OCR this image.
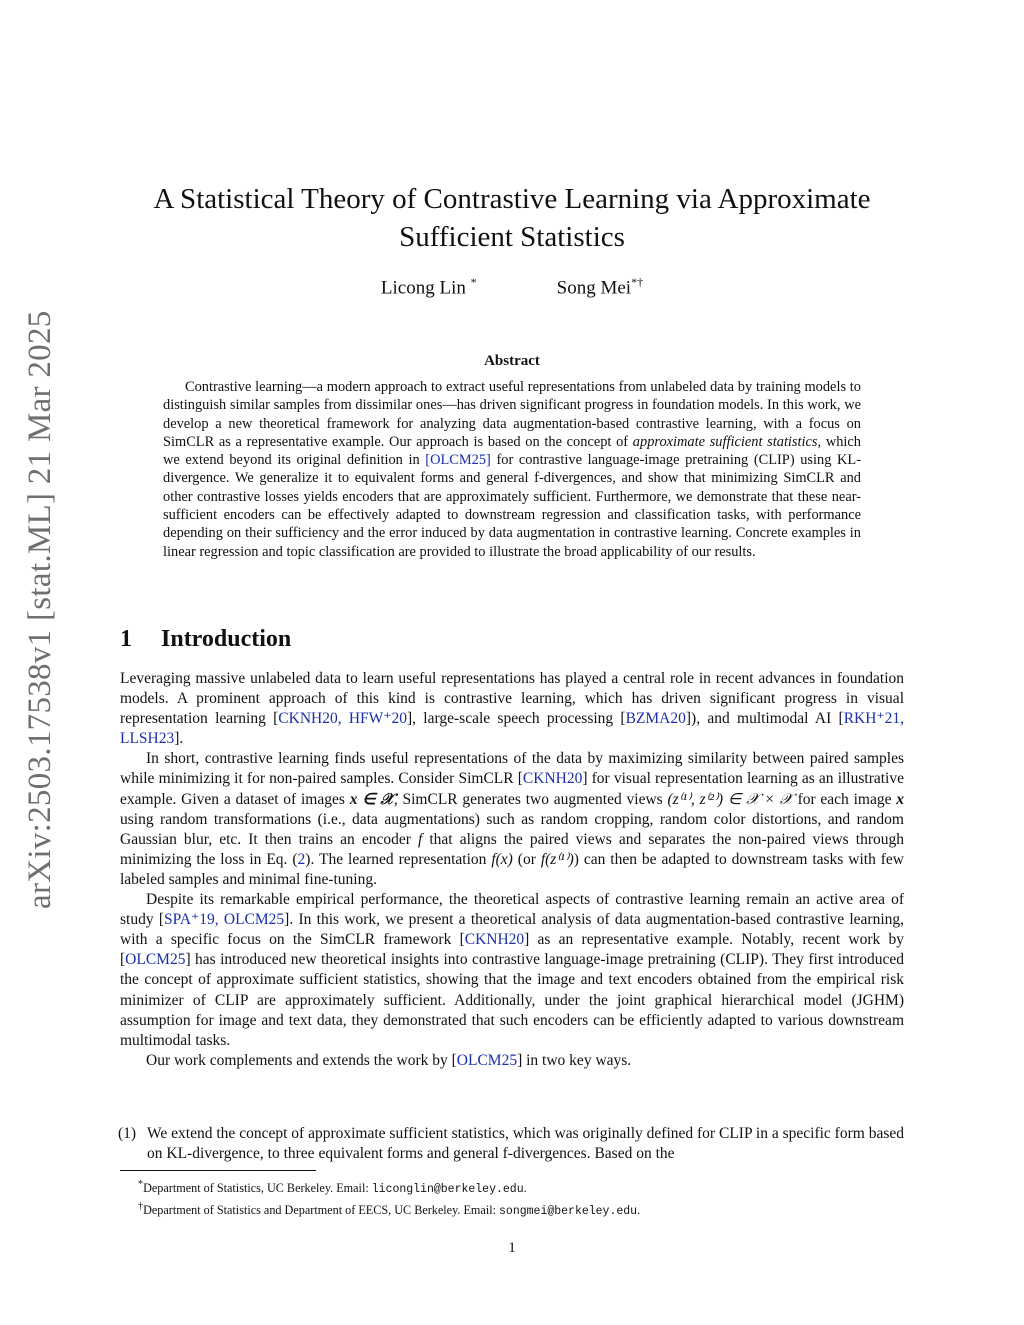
arXiv:2503.17538v1 [stat.ML] 21 Mar 2025
A Statistical Theory of Contrastive Learning via Approximate
Sufficient Statistics
Licong Lin *	Song Mei*†
Abstract

Contrastive learning—a modern approach to extract useful representations from unlabeled data by training models to distinguish similar samples from dissimilar ones—has driven significant progress in foundation models. In this work, we develop a new theoretical framework for analyzing data augmentation-based contrastive learning, with a focus on SimCLR as a representative example. Our approach is based on the concept of approximate sufficient statistics, which we extend beyond its original definition in [OLCM25] for contrastive language-image pretraining (CLIP) using KL-divergence. We generalize it to equivalent forms and general f-divergences, and show that minimizing SimCLR and other contrastive losses yields encoders that are approximately sufficient. Furthermore, we demonstrate that these near-sufficient encoders can be effectively adapted to downstream regression and classification tasks, with performance depending on their sufficiency and the error induced by data augmentation in contrastive learning. Concrete examples in linear regression and topic classification are provided to illustrate the broad applicability of our results.

1 Introduction

Leveraging massive unlabeled data to learn useful representations has played a central role in recent advances in foundation models. A prominent approach of this kind is contrastive learning, which has driven significant progress in visual representation learning [CKNH20, HFW⁺20], large-scale speech processing [BZMA20]), and multimodal AI [RKH⁺21, LLSH23].

In short, contrastive learning finds useful representations of the data by maximizing similarity between paired samples while minimizing it for non-paired samples. Consider SimCLR [CKNH20] for visual representation learning as an illustrative example. Given a dataset of images x ∈ 𝒳, SimCLR generates two augmented views (z⁽¹⁾, z⁽²⁾) ∈ 𝒳 × 𝒳 for each image x using random transformations (i.e., data augmentations) such as random cropping, random color distortions, and random Gaussian blur, etc. It then trains an encoder f that aligns the paired views and separates the non-paired views through minimizing the loss in Eq. (2). The learned representation f(x) (or f(z⁽¹⁾)) can then be adapted to downstream tasks with few labeled samples and minimal fine-tuning.

Despite its remarkable empirical performance, the theoretical aspects of contrastive learning remain an active area of study [SPA⁺19, OLCM25]. In this work, we present a theoretical analysis of data augmentation-based contrastive learning, with a specific focus on the SimCLR framework [CKNH20] as an representative example. Notably, recent work by [OLCM25] has introduced new theoretical insights into contrastive language-image pretraining (CLIP). They first introduced the concept of approximate sufficient statistics, showing that the image and text encoders obtained from the empirical risk minimizer of CLIP are approximately sufficient. Additionally, under the joint graphical hierarchical model (JGHM) assumption for image and text data, they demonstrated that such encoders can be efficiently adapted to various downstream multimodal tasks.

Our work complements and extends the work by [OLCM25] in two key ways.

(1) We extend the concept of approximate sufficient statistics, which was originally defined for CLIP in a specific form based on KL-divergence, to three equivalent forms and general f-divergences. Based on the
*Department of Statistics, UC Berkeley. Email: liconglin@berkeley.edu.
†Department of Statistics and Department of EECS, UC Berkeley. Email: songmei@berkeley.edu.
1
